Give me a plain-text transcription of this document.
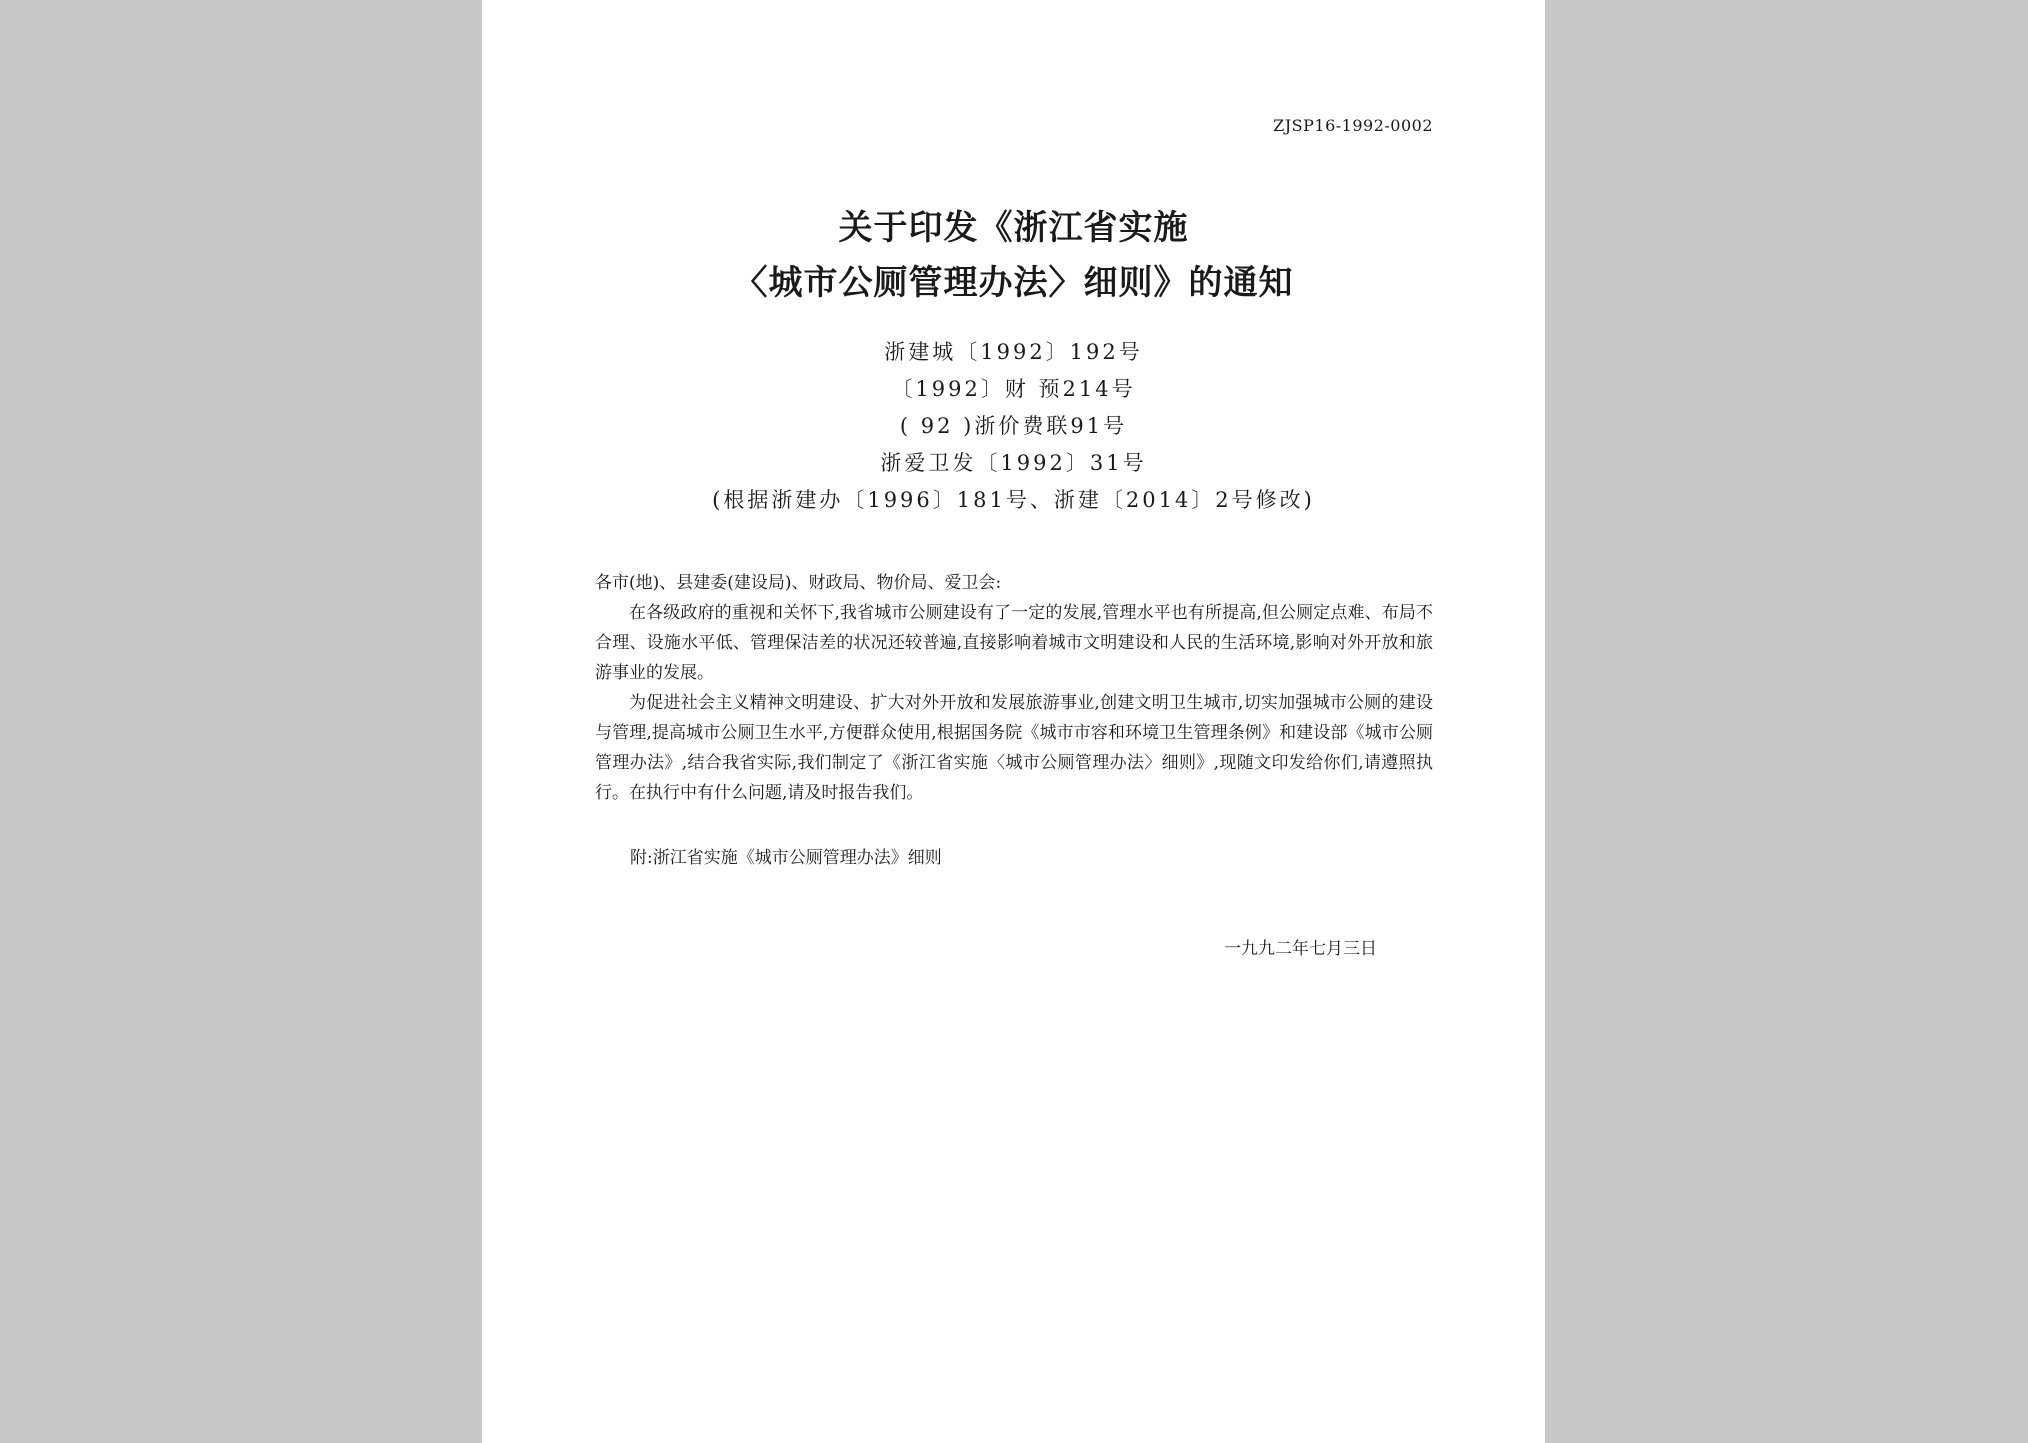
ZJSP16-1992-0002
关于印发《浙江省实施
〈城市公厕管理办法〉细则》的通知
浙建城〔1992〕192号
〔1992〕财 预214号
( 92 )浙价费联91号
浙爱卫发〔1992〕31号
(根据浙建办〔1996〕181号、浙建〔2014〕2号修改)

各市(地)、县建委(建设局)、财政局、物价局、爱卫会:

在各级政府的重视和关怀下,我省城市公厕建设有了一定的发展,管理水平也有所提高,但公厕定点难、布局不合理、设施水平低、管理保洁差的状况还较普遍,直接影响着城市文明建设和人民的生活环境,影响对外开放和旅游事业的发展。

为促进社会主义精神文明建设、扩大对外开放和发展旅游事业,创建文明卫生城市,切实加强城市公厕的建设与管理,提高城市公厕卫生水平,方便群众使用,根据国务院《城市市容和环境卫生管理条例》和建设部《城市公厕管理办法》,结合我省实际,我们制定了《浙江省实施〈城市公厕管理办法〉细则》,现随文印发给你们,请遵照执行。在执行中有什么问题,请及时报告我们。

附:浙江省实施《城市公厕管理办法》细则
一九九二年七月三日
